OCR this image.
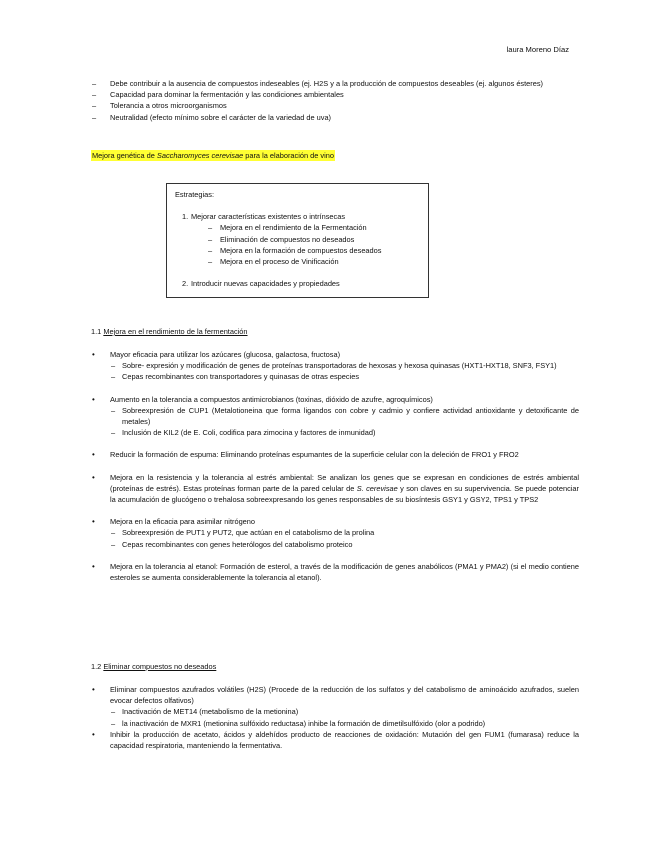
laura Moreno Díaz
– Debe contribuir a la ausencia de compuestos indeseables (ej. H2S y a la producción de compuestos deseables (ej. algunos ésteres)
– Capacidad para dominar la fermentación y las condiciones ambientales
– Tolerancia a otros microorganismos
– Neutralidad (efecto mínimo sobre el carácter de la variedad de uva)
Mejora genética de Saccharomyces cerevisae para la elaboración de vino
Estrategias:
1. Mejorar características existentes o intrínsecas
– Mejora en el rendimiento de la Fermentación
– Eliminación de compuestos no deseados
– Mejora en la formación de compuestos deseados
– Mejora en el proceso de Vinificación
2. Introducir nuevas capacidades y propiedades
1.1 Mejora en el rendimiento de la fermentación
• Mayor eficacia para utilizar los azúcares (glucosa, galactosa, fructosa)
– Sobre- expresión y modificación de genes de proteínas transportadoras de hexosas y hexosa quinasas (HXT1-HXT18, SNF3, FSY1)
– Cepas recombinantes con transportadores y quinasas de otras especies
• Aumento en la tolerancia a compuestos antimicrobianos (toxinas, dióxido de azufre, agroquímicos)
– Sobreexpresión de CUP1 (Metalotioneina que forma ligandos con cobre y cadmio y confiere actividad antioxidante y detoxificante de metales)
– Inclusión de KIL2 (de E. Coli, codifica para zimocina y factores de inmunidad)
• Reducir la formación de espuma: Eliminando proteínas espumantes de la superficie celular con la deleción de FRO1 y FRO2
• Mejora en la resistencia y la tolerancia al estrés ambiental: Se analizan los genes que se expresan en condiciones de estrés ambiental (proteínas de estrés). Estas proteínas forman parte de la pared celular de S. cerevisae y son claves en su supervivencia. Se puede potenciar la acumulación de glucógeno o trehalosa sobreexpresando los genes responsables de su biosíntesis GSY1 y GSY2, TPS1 y TPS2
• Mejora en la eficacia para asimilar nitrógeno
– Sobreexpresión de PUT1 y PUT2, que actúan en el catabolismo de la prolina
– Cepas recombinantes con genes heterólogos del catabolismo proteico
• Mejora en la tolerancia al etanol: Formación de esterol, a través de la modificación de genes anabólicos (PMA1 y PMA2) (si el medio contiene esteroles se aumenta considerablemente la tolerancia al etanol).
1.2 Eliminar compuestos no deseados
• Eliminar compuestos azufrados volátiles (H2S) (Procede de la reducción de los sulfatos y del catabolismo de aminoácido azufrados, suelen evocar defectos olfativos)
– Inactivación de MET14 (metabolismo de la metionina)
– la inactivación de MXR1 (metionina sulfóxido reductasa) inhibe la formación de dimetilsulfóxido (olor a podrido)
• Inhibir la producción de acetato, ácidos y aldehídos producto de reacciones de oxidación: Mutación del gen FUM1 (fumarasa) reduce la capacidad respiratoria, manteniendo la fermentativa.
